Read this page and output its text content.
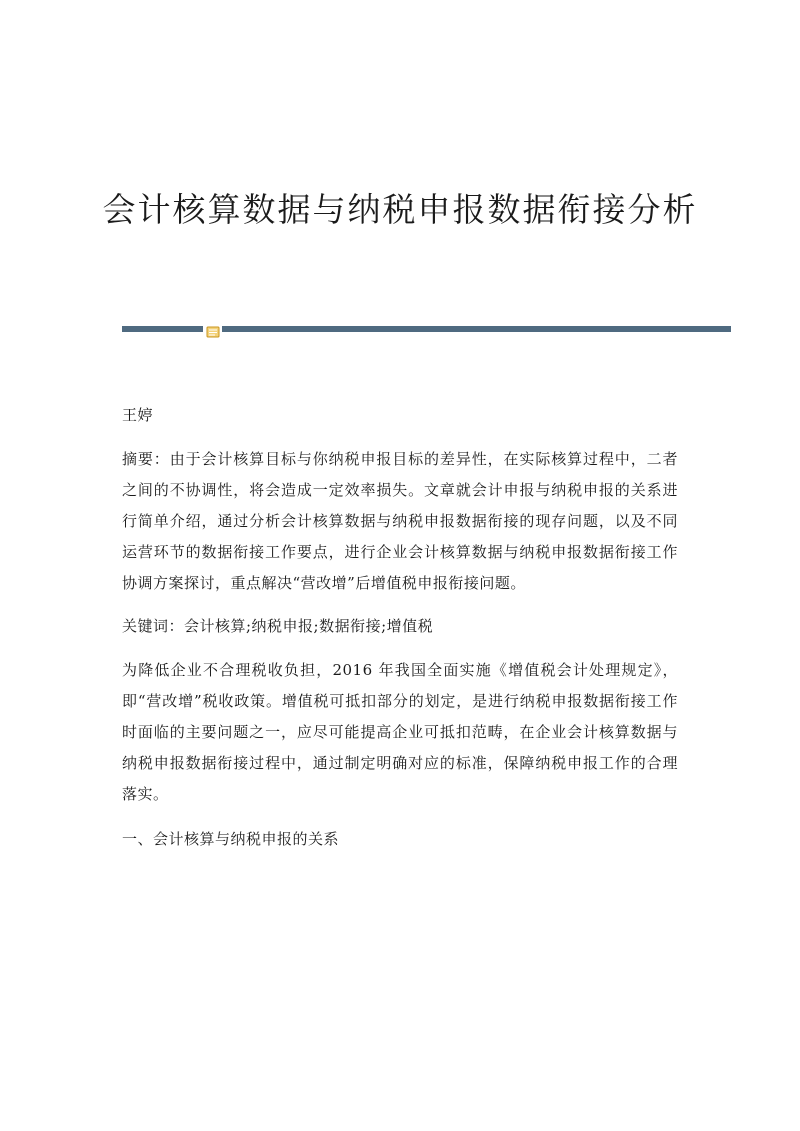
会计核算数据与纳税申报数据衔接分析

王婷

摘要：由于会计核算目标与你纳税申报目标的差异性，在实际核算过程中，二者之间的不协调性，将会造成一定效率损失。文章就会计申报与纳税申报的关系进行简单介绍，通过分析会计核算数据与纳税申报数据衔接的现存问题，以及不同运营环节的数据衔接工作要点，进行企业会计核算数据与纳税申报数据衔接工作协调方案探讨，重点解决“营改增”后增值税申报衔接问题。

关键词：会计核算;纳税申报;数据衔接;增值税

为降低企业不合理税收负担，2016 年我国全面实施《增值税会计处理规定》，即“营改增”税收政策。增值税可抵扣部分的划定，是进行纳税申报数据衔接工作时面临的主要问题之一，应尽可能提高企业可抵扣范畴，在企业会计核算数据与纳税申报数据衔接过程中，通过制定明确对应的标准，保障纳税申报工作的合理落实。

一、会计核算与纳税申报的关系
